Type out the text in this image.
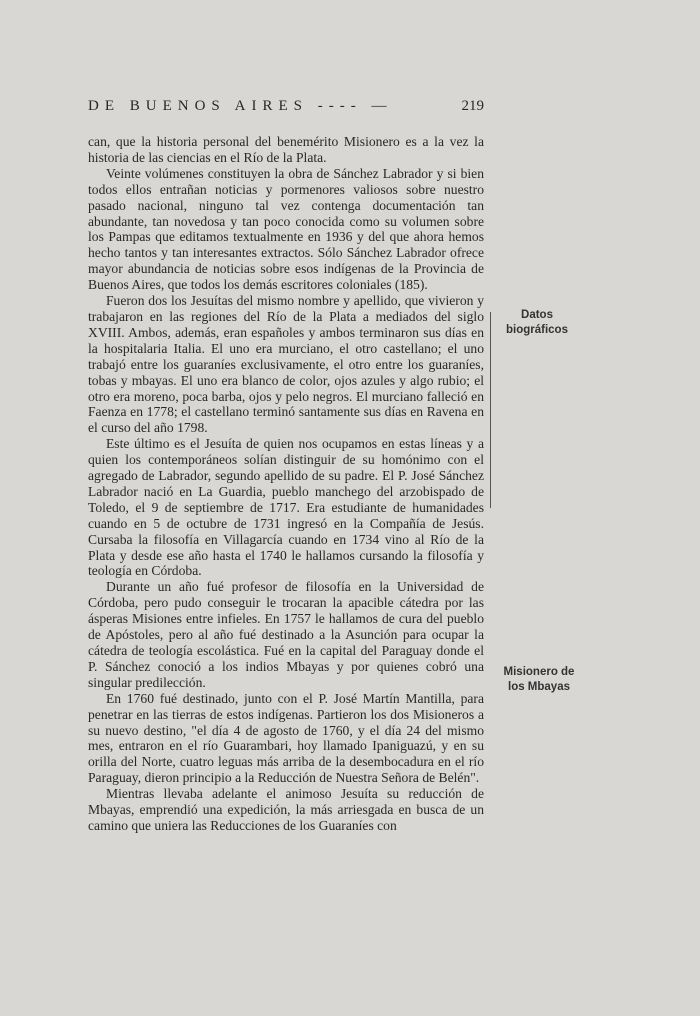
DE BUENOS AIRES ---- —	219

can, que la historia personal del benemérito Misionero es a la vez la historia de las ciencias en el Río de la Plata.

Veinte volúmenes constituyen la obra de Sánchez Labrador y si bien todos ellos entrañan noticias y pormenores valiosos sobre nuestro pasado nacional, ninguno tal vez contenga documentación tan abundante, tan novedosa y tan poco conocida como su volumen sobre los Pampas que editamos textualmente en 1936 y del que ahora hemos hecho tantos y tan interesantes extractos. Sólo Sánchez Labrador ofrece mayor abundancia de noticias sobre esos indígenas de la Provincia de Buenos Aires, que todos los demás escritores coloniales (185).

Fueron dos los Jesuítas del mismo nombre y apellido, que vivieron y trabajaron en las regiones del Río de la Plata a mediados del siglo XVIII. Ambos, además, eran españoles y ambos terminaron sus días en la hospitalaria Italia. El uno era murciano, el otro castellano; el uno trabajó entre los guaraníes exclusivamente, el otro entre los guaraníes, tobas y mbayas. El uno era blanco de color, ojos azules y algo rubio; el otro era moreno, poca barba, ojos y pelo negros. El murciano falleció en Faenza en 1778; el castellano terminó santamente sus días en Ravena en el curso del año 1798.

Este último es el Jesuíta de quien nos ocupamos en estas líneas y a quien los contemporáneos solían distinguir de su homónimo con el agregado de Labrador, segundo apellido de su padre. El P. José Sánchez Labrador nació en La Guardia, pueblo manchego del arzobispado de Toledo, el 9 de septiembre de 1717. Era estudiante de humanidades cuando en 5 de octubre de 1731 ingresó en la Compañía de Jesús. Cursaba la filosofía en Villagarcía cuando en 1734 vino al Río de la Plata y desde ese año hasta el 1740 le hallamos cursando la filosofía y teología en Córdoba.

Durante un año fué profesor de filosofía en la Universidad de Córdoba, pero pudo conseguir le trocaran la apacible cátedra por las ásperas Misiones entre infieles. En 1757 le hallamos de cura del pueblo de Apóstoles, pero al año fué destinado a la Asunción para ocupar la cátedra de teología escolástica. Fué en la capital del Paraguay donde el P. Sánchez conoció a los indios Mbayas y por quienes cobró una singular predilección.

En 1760 fué destinado, junto con el P. José Martín Mantilla, para penetrar en las tierras de estos indígenas. Partieron los dos Misioneros a su nuevo destino, "el día 4 de agosto de 1760, y el día 24 del mismo mes, entraron en el río Guarambari, hoy llamado Ipaniguazú, y en su orilla del Norte, cuatro leguas más arriba de la desembocadura en el río Paraguay, dieron principio a la Reducción de Nuestra Señora de Belén".

Mientras llevaba adelante el animoso Jesuíta su reducción de Mbayas, emprendió una expedición, la más arriesgada en busca de un camino que uniera las Reducciones de los Guaraníes con

Datos
biográficos
Misionero de
los Mbayas
